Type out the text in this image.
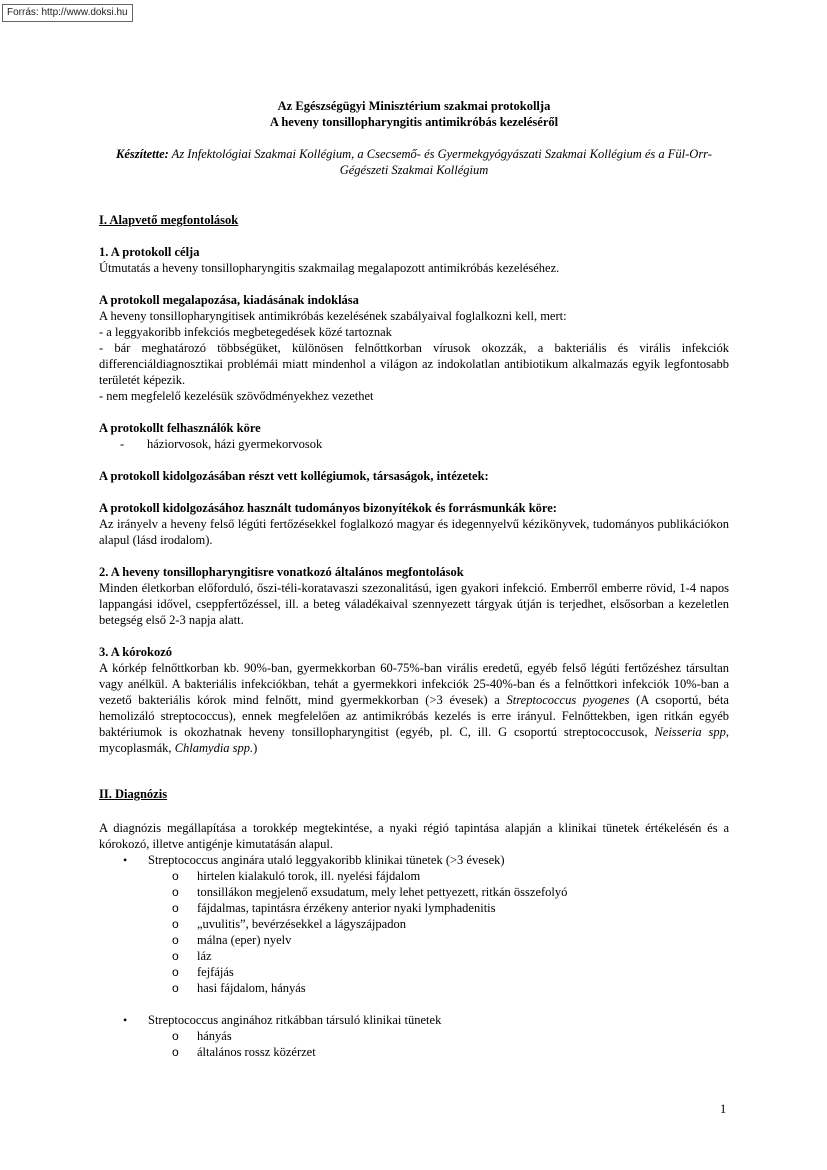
Forrás: http://www.doksi.hu
Az Egészségügyi Minisztérium szakmai protokollja
A heveny tonsillopharyngitis antimikróbás kezeléséről
Készítette: Az Infektológiai Szakmai Kollégium, a Csecsemő- és Gyermekgyógyászati Szakmai Kollégium és a Fül-Orr-Gégészeti Szakmai Kollégium
I. Alapvető megfontolások
1. A protokoll célja

Útmutatás a heveny tonsillopharyngitis szakmailag megalapozott antimikróbás kezeléséhez.

A protokoll megalapozása, kiadásának indoklása

A heveny tonsillopharyngitisek antimikróbás kezelésének szabályaival foglalkozni kell, mert:

- a leggyakoribb infekciós megbetegedések közé tartoznak

- bár meghatározó többségüket, különösen felnőttkorban vírusok okozzák, a bakteriális és virális infekciók differenciáldiagnosztikai problémái miatt mindenhol a világon az indokolatlan antibiotikum alkalmazás egyik legfontosabb területét képezik.

- nem megfelelő kezelésük szövődményekhez vezethet

A protokollt felhasználók köre
-	háziorvosok, házi gyermekorvosok
A protokoll kidolgozásában részt vett kollégiumok, társaságok, intézetek:
A protokoll kidolgozásához használt tudományos bizonyítékok és forrásmunkák köre:

Az irányelv a heveny felső légúti fertőzésekkel foglalkozó magyar és idegennyelvű kézikönyvek, tudományos publikációkon alapul (lásd irodalom).

2. A heveny tonsillopharyngitisre vonatkozó általános megfontolások

Minden életkorban előforduló, őszi-téli-koratavaszi szezonalitású, igen gyakori infekció. Emberről emberre rövid, 1-4 napos lappangási idővel, cseppfertőzéssel, ill. a beteg váladékaival szennyezett tárgyak útján is terjedhet, elsősorban a kezeletlen betegség első 2-3 napja alatt.

3. A kórokozó

A kórkép felnőttkorban kb. 90%-ban, gyermekkorban 60-75%-ban virális eredetű, egyéb felső légúti fertőzéshez társultan vagy anélkül. A bakteriális infekciókban, tehát a gyermekkori infekciók 25-40%-ban és a felnőttkori infekciók 10%-ban a vezető bakteriális kórok mind felnőtt, mind gyermekkorban (>3 évesek) a Streptococcus pyogenes (A csoportú, béta hemolizáló streptococcus), ennek megfelelően az antimikróbás kezelés is erre irányul. Felnőttekben, igen ritkán egyéb baktériumok is okozhatnak heveny tonsillopharyngitist (egyéb, pl. C, ill. G csoportú streptococcusok, Neisseria spp, mycoplasmák, Chlamydia spp.)

II. Diagnózis

A diagnózis megállapítása a torokkép megtekintése, a nyaki régió tapintása alapján a klinikai tünetek értékelésén és a kórokozó, illetve antigénje kimutatásán alapul.

• Streptococcus anginára utaló leggyakoribb klinikai tünetek (>3 évesek)
o hirtelen kialakuló torok, ill. nyelési fájdalom
o tonsillákon megjelenő exsudatum, mely lehet pettyezett, ritkán összefolyó
o fájdalmas, tapintásra érzékeny anterior nyaki lymphadenitis
o „uvulitis”, bevérzésekkel a lágyszájpadon
o málna (eper) nyelv
o láz
o fejfájás
o hasi fájdalom, hányás
• Streptococcus anginához ritkábban társuló klinikai tünetek
o hányás
o általános rossz közérzet
1
